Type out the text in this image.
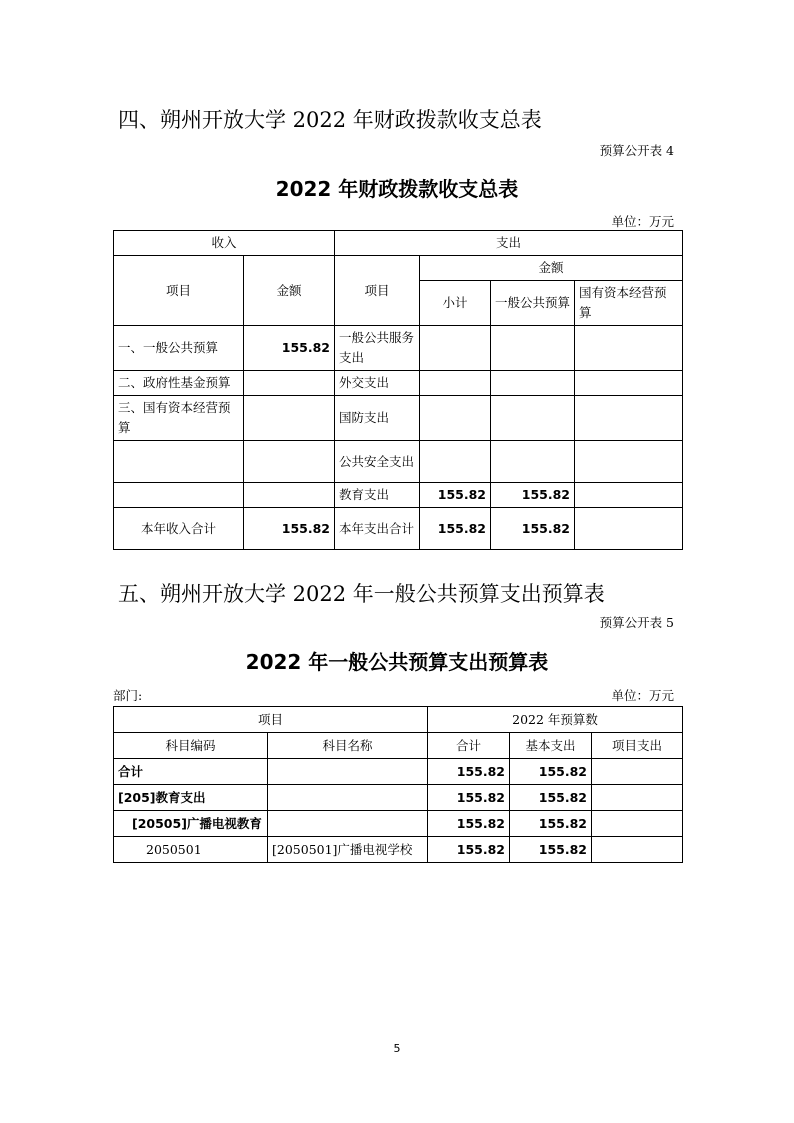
四、朔州开放大学 2022 年财政拨款收支总表
预算公开表 4
2022 年财政拨款收支总表
单位：万元
收入		支出			
项目	金额	项目	金额		
			小计	一般公共预算	国有资本经营预算
一、一般公共预算	155.82	一般公共服务支出			
二、政府性基金预算		外交支出			
三、国有资本经营预算		国防支出			
		公共安全支出			
		教育支出	155.82	155.82	
本年收入合计	155.82	本年支出合计	155.82	155.82	
五、朔州开放大学 2022 年一般公共预算支出预算表
预算公开表 5
2022 年一般公共预算支出预算表
部门:	单位：万元
项目		2022 年预算数		
科目编码	科目名称	合计	基本支出	项目支出
合计		155.82	155.82	
[205]教育支出		155.82	155.82	
[20505]广播电视教育		155.82	155.82	
2050501	[2050501]广播电视学校	155.82	155.82	
5
